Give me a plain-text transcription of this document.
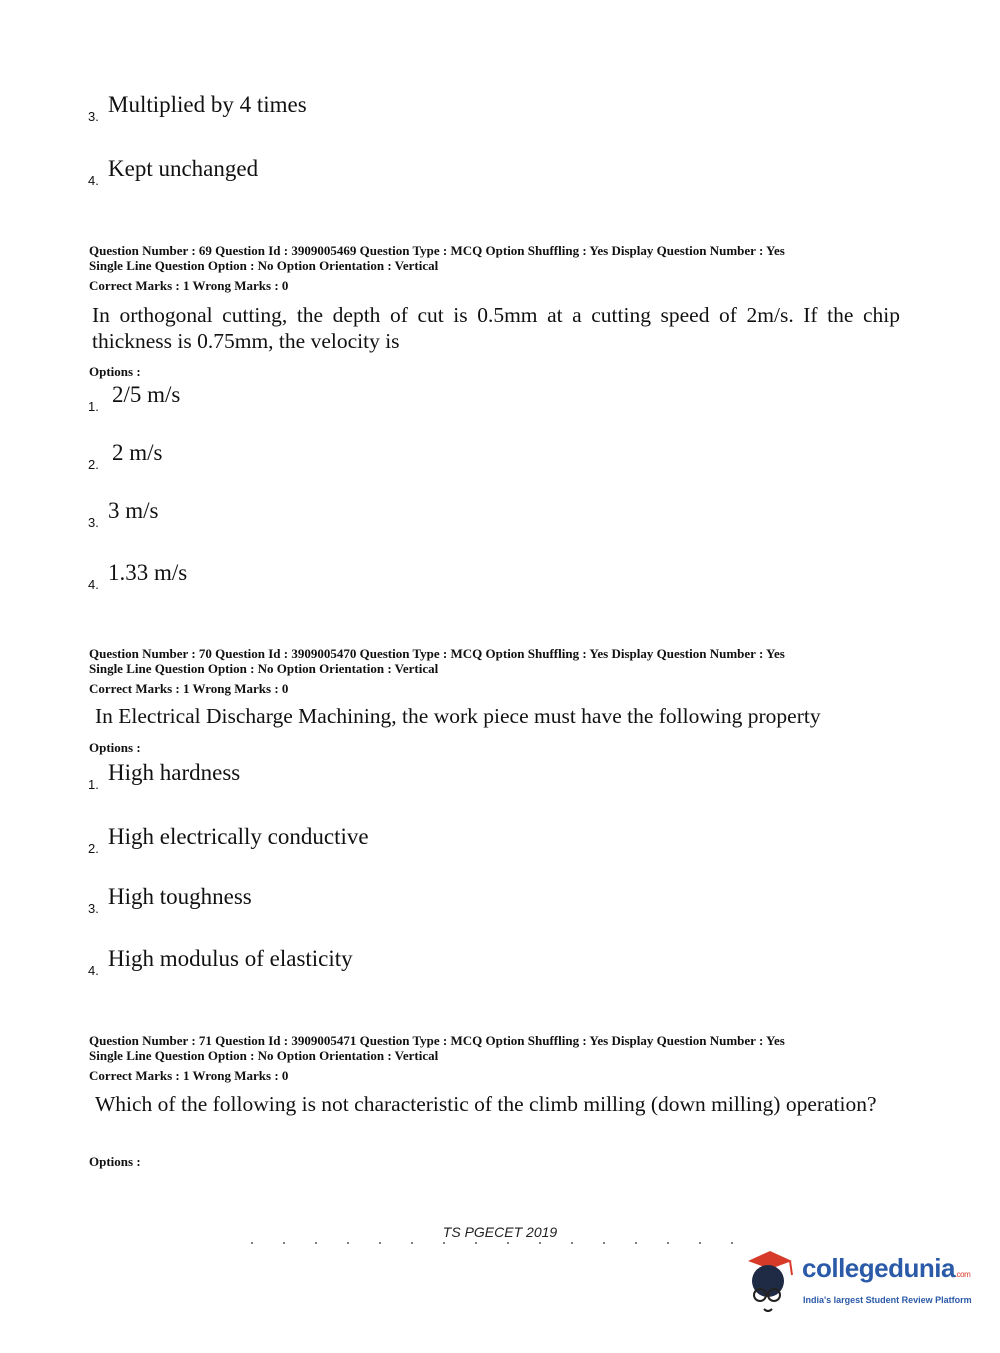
3. Multiplied by 4 times
4. Kept unchanged
Question Number : 69 Question Id : 3909005469 Question Type : MCQ Option Shuffling : Yes Display Question Number : Yes
Single Line Question Option : No Option Orientation : Vertical
Correct Marks : 1 Wrong Marks : 0
In orthogonal cutting, the depth of cut is 0.5mm at a cutting speed of 2m/s. If the chip thickness is 0.75mm, the velocity is
Options :
1. 2/5 m/s
2. 2 m/s
3. 3 m/s
4. 1.33 m/s
Question Number : 70 Question Id : 3909005470 Question Type : MCQ Option Shuffling : Yes Display Question Number : Yes
Single Line Question Option : No Option Orientation : Vertical
Correct Marks : 1 Wrong Marks : 0
In Electrical Discharge Machining, the work piece must have the following property
Options :
1. High hardness
2. High electrically conductive
3. High toughness
4. High modulus of elasticity
Question Number : 71 Question Id : 3909005471 Question Type : MCQ Option Shuffling : Yes Display Question Number : Yes
Single Line Question Option : No Option Orientation : Vertical
Correct Marks : 1 Wrong Marks : 0
Which of the following is not characteristic of the climb milling (down milling) operation?
Options :
TS PGECET 2019
collegedunia.com
India's largest Student Review Platform
